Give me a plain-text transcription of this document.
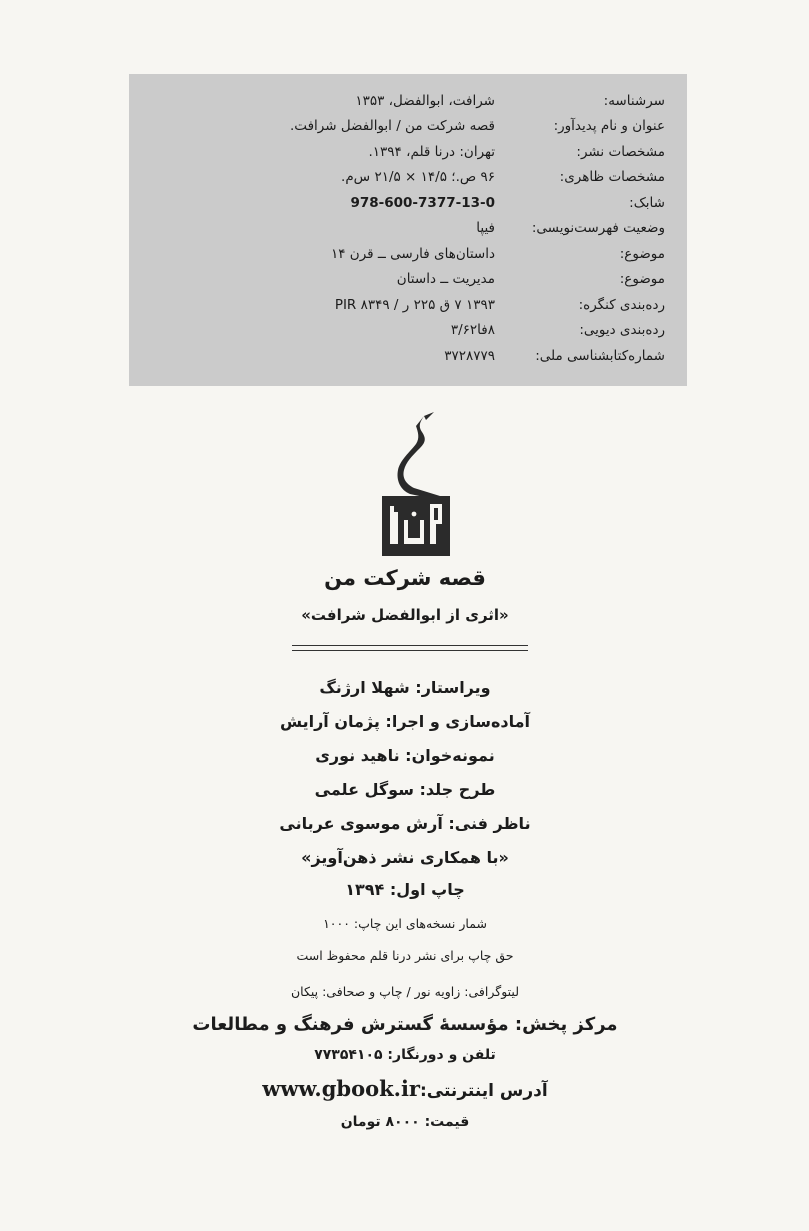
سرشناسه:
شرافت، ابوالفضل، ۱۳۵۳
عنوان و نام پدیدآور:
قصه شرکت من / ابوالفضل شرافت.
مشخصات نشر:
تهران: درنا قلم، ۱۳۹۴.
مشخصات ظاهری:
۹۶ ص.؛ ۱۴/۵ × ۲۱/۵ س‌م.
شابک:
978-600-7377-13-0
وضعیت فهرست‌نویسی:
فیپا
موضوع:
داستان‌های فارسی ــ قرن ۱۴
موضوع:
مدیریت ــ داستان
رده‌بندی کنگره:
۱۳۹۳ ۷ ق ۲۲۵ ر / ۸۳۴۹ PIR
رده‌بندی دیویی:
۸فا۳/۶۲
شماره‌کتابشناسی ملی:
۳۷۲۸۷۷۹
قصه شرکت من
«اثری از ابوالفضل شرافت»
ویراستار: شهلا ارژنگ
آماده‌سازی و اجرا: پژمان آرایش
نمونه‌خوان: ناهید نوری
طرح جلد: سوگل علمی
ناظر فنی: آرش موسوی عربانی
«با همکاری نشر ذهن‌آویز»
چاپ اول: ۱۳۹۴
شمار نسخه‌های این چاپ: ۱۰۰۰
حق چاپ برای نشر درنا قلم محفوظ است
لیتوگرافی: زاویه نور / چاپ و صحافی: پیکان
مرکز پخش: مؤسسهٔ گسترش فرهنگ و مطالعات
تلفن و دورنگار: ۷۷۳۵۴۱۰۵
آدرس اینترنتی:www.gbook.ir
قیمت: ۸۰۰۰ تومان
